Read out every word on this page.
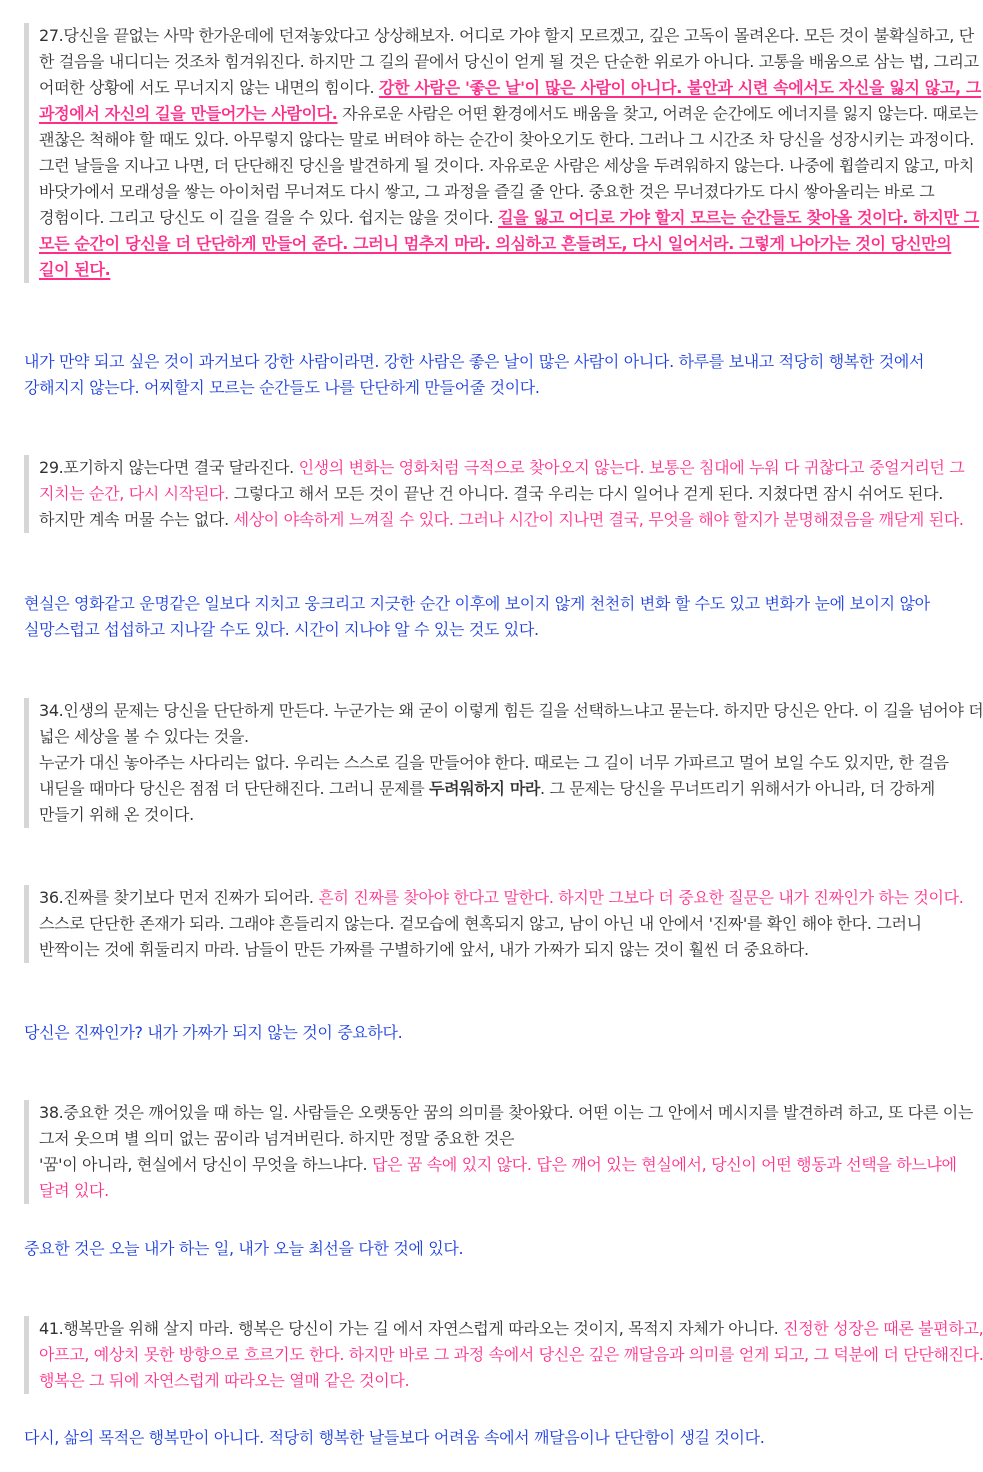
27.당신을 끝없는 사막 한가운데에 던져놓았다고 상상해보자. 어디로 가야 할지 모르겠고, 깊은 고독이 몰려온다. 모든 것이 불확실하고, 단 한 걸음을 내디디는 것조차 힘겨워진다. 하지만 그 길의 끝에서 당신이 얻게 될 것은 단순한 위로가 아니다. 고통을 배움으로 삼는 법, 그리고 어떠한 상황에 서도 무너지지 않는 내면의 힘이다. 강한 사람은 '좋은 날'이 많은 사람이 아니다. 불안과 시련 속에서도 자신을 잃지 않고, 그 과정에서 자신의 길을 만들어가는 사람이다. 자유로운 사람은 어떤 환경에서도 배움을 찾고, 어려운 순간에도 에너지를 잃지 않는다. 때로는 괜찮은 척해야 할 때도 있다. 아무렇지 않다는 말로 버텨야 하는 순간이 찾아오기도 한다. 그러나 그 시간조 차 당신을 성장시키는 과정이다. 그런 날들을 지나고 나면, 더 단단해진 당신을 발견하게 될 것이다. 자유로운 사람은 세상을 두려워하지 않는다. 나중에 휩쓸리지 않고, 마치 바닷가에서 모래성을 쌓는 아이처럼 무너져도 다시 쌓고, 그 과정을 즐길 줄 안다. 중요한 것은 무너졌다가도 다시 쌓아올리는 바로 그 경험이다. 그리고 당신도 이 길을 걸을 수 있다. 쉽지는 않을 것이다. 길을 잃고 어디로 가야 할지 모르는 순간들도 찾아올 것이다. 하지만 그 모든 순간이 당신을 더 단단하게 만들어 준다. 그러니 멈추지 마라. 의심하고 흔들려도, 다시 일어서라. 그렇게 나아가는 것이 당신만의 길이 된다.

내가 만약 되고 싶은 것이 과거보다 강한 사람이라면. 강한 사람은 좋은 날이 많은 사람이 아니다. 하루를 보내고 적당히 행복한 것에서 강해지지 않는다. 어찌할지 모르는 순간들도 나를 단단하게 만들어줄 것이다.

29.포기하지 않는다면 결국 달라진다. 인생의 변화는 영화처럼 극적으로 찾아오지 않는다. 보통은 침대에 누워 다 귀찮다고 중얼거리던 그 지치는 순간, 다시 시작된다. 그렇다고 해서 모든 것이 끝난 건 아니다. 결국 우리는 다시 일어나 걷게 된다. 지쳤다면 잠시 쉬어도 된다. 하지만 계속 머물 수는 없다. 세상이 야속하게 느껴질 수 있다. 그러나 시간이 지나면 결국, 무엇을 해야 할지가 분명해졌음을 깨닫게 된다.

현실은 영화같고 운명같은 일보다 지치고 웅크리고 지긋한 순간 이후에 보이지 않게 천천히 변화 할 수도 있고 변화가 눈에 보이지 않아 실망스럽고 섭섭하고 지나갈 수도 있다. 시간이 지나야 알 수 있는 것도 있다.

34.인생의 문제는 당신을 단단하게 만든다. 누군가는 왜 굳이 이렇게 힘든 길을 선택하느냐고 묻는다. 하지만 당신은 안다. 이 길을 넘어야 더 넓은 세상을 볼 수 있다는 것을.

누군가 대신 놓아주는 사다리는 없다. 우리는 스스로 길을 만들어야 한다. 때로는 그 길이 너무 가파르고 멀어 보일 수도 있지만, 한 걸음 내딛을 때마다 당신은 점점 더 단단해진다. 그러니 문제를 두려워하지 마라. 그 문제는 당신을 무너뜨리기 위해서가 아니라, 더 강하게 만들기 위해 온 것이다.

36.진짜를 찾기보다 먼저 진짜가 되어라. 흔히 진짜를 찾아야 한다고 말한다. 하지만 그보다 더 중요한 질문은 내가 진짜인가 하는 것이다. 스스로 단단한 존재가 되라. 그래야 흔들리지 않는다. 겉모습에 현혹되지 않고, 남이 아닌 내 안에서 '진짜'를 확인 해야 한다. 그러니 반짝이는 것에 휘둘리지 마라. 남들이 만든 가짜를 구별하기에 앞서, 내가 가짜가 되지 않는 것이 훨씬 더 중요하다.

당신은 진짜인가? 내가 가짜가 되지 않는 것이 중요하다.

38.중요한 것은 깨어있을 때 하는 일. 사람들은 오랫동안 꿈의 의미를 찾아왔다. 어떤 이는 그 안에서 메시지를 발견하려 하고, 또 다른 이는 그저 웃으며 별 의미 없는 꿈이라 넘겨버린다. 하지만 정말 중요한 것은

'꿈'이 아니라, 현실에서 당신이 무엇을 하느냐다. 답은 꿈 속에 있지 않다. 답은 깨어 있는 현실에서, 당신이 어떤 행동과 선택을 하느냐에 달려 있다.

중요한 것은 오늘 내가 하는 일, 내가 오늘 최선을 다한 것에 있다.

41.행복만을 위해 살지 마라. 행복은 당신이 가는 길 에서 자연스럽게 따라오는 것이지, 목적지 자체가 아니다. 진정한 성장은 때론 불편하고, 아프고, 예상치 못한 방향으로 흐르기도 한다. 하지만 바로 그 과정 속에서 당신은 깊은 깨달음과 의미를 얻게 되고, 그 덕분에 더 단단해진다. 행복은 그 뒤에 자연스럽게 따라오는 열매 같은 것이다.

다시, 삶의 목적은 행복만이 아니다. 적당히 행복한 날들보다 어려움 속에서 깨달음이나 단단함이 생길 것이다.
